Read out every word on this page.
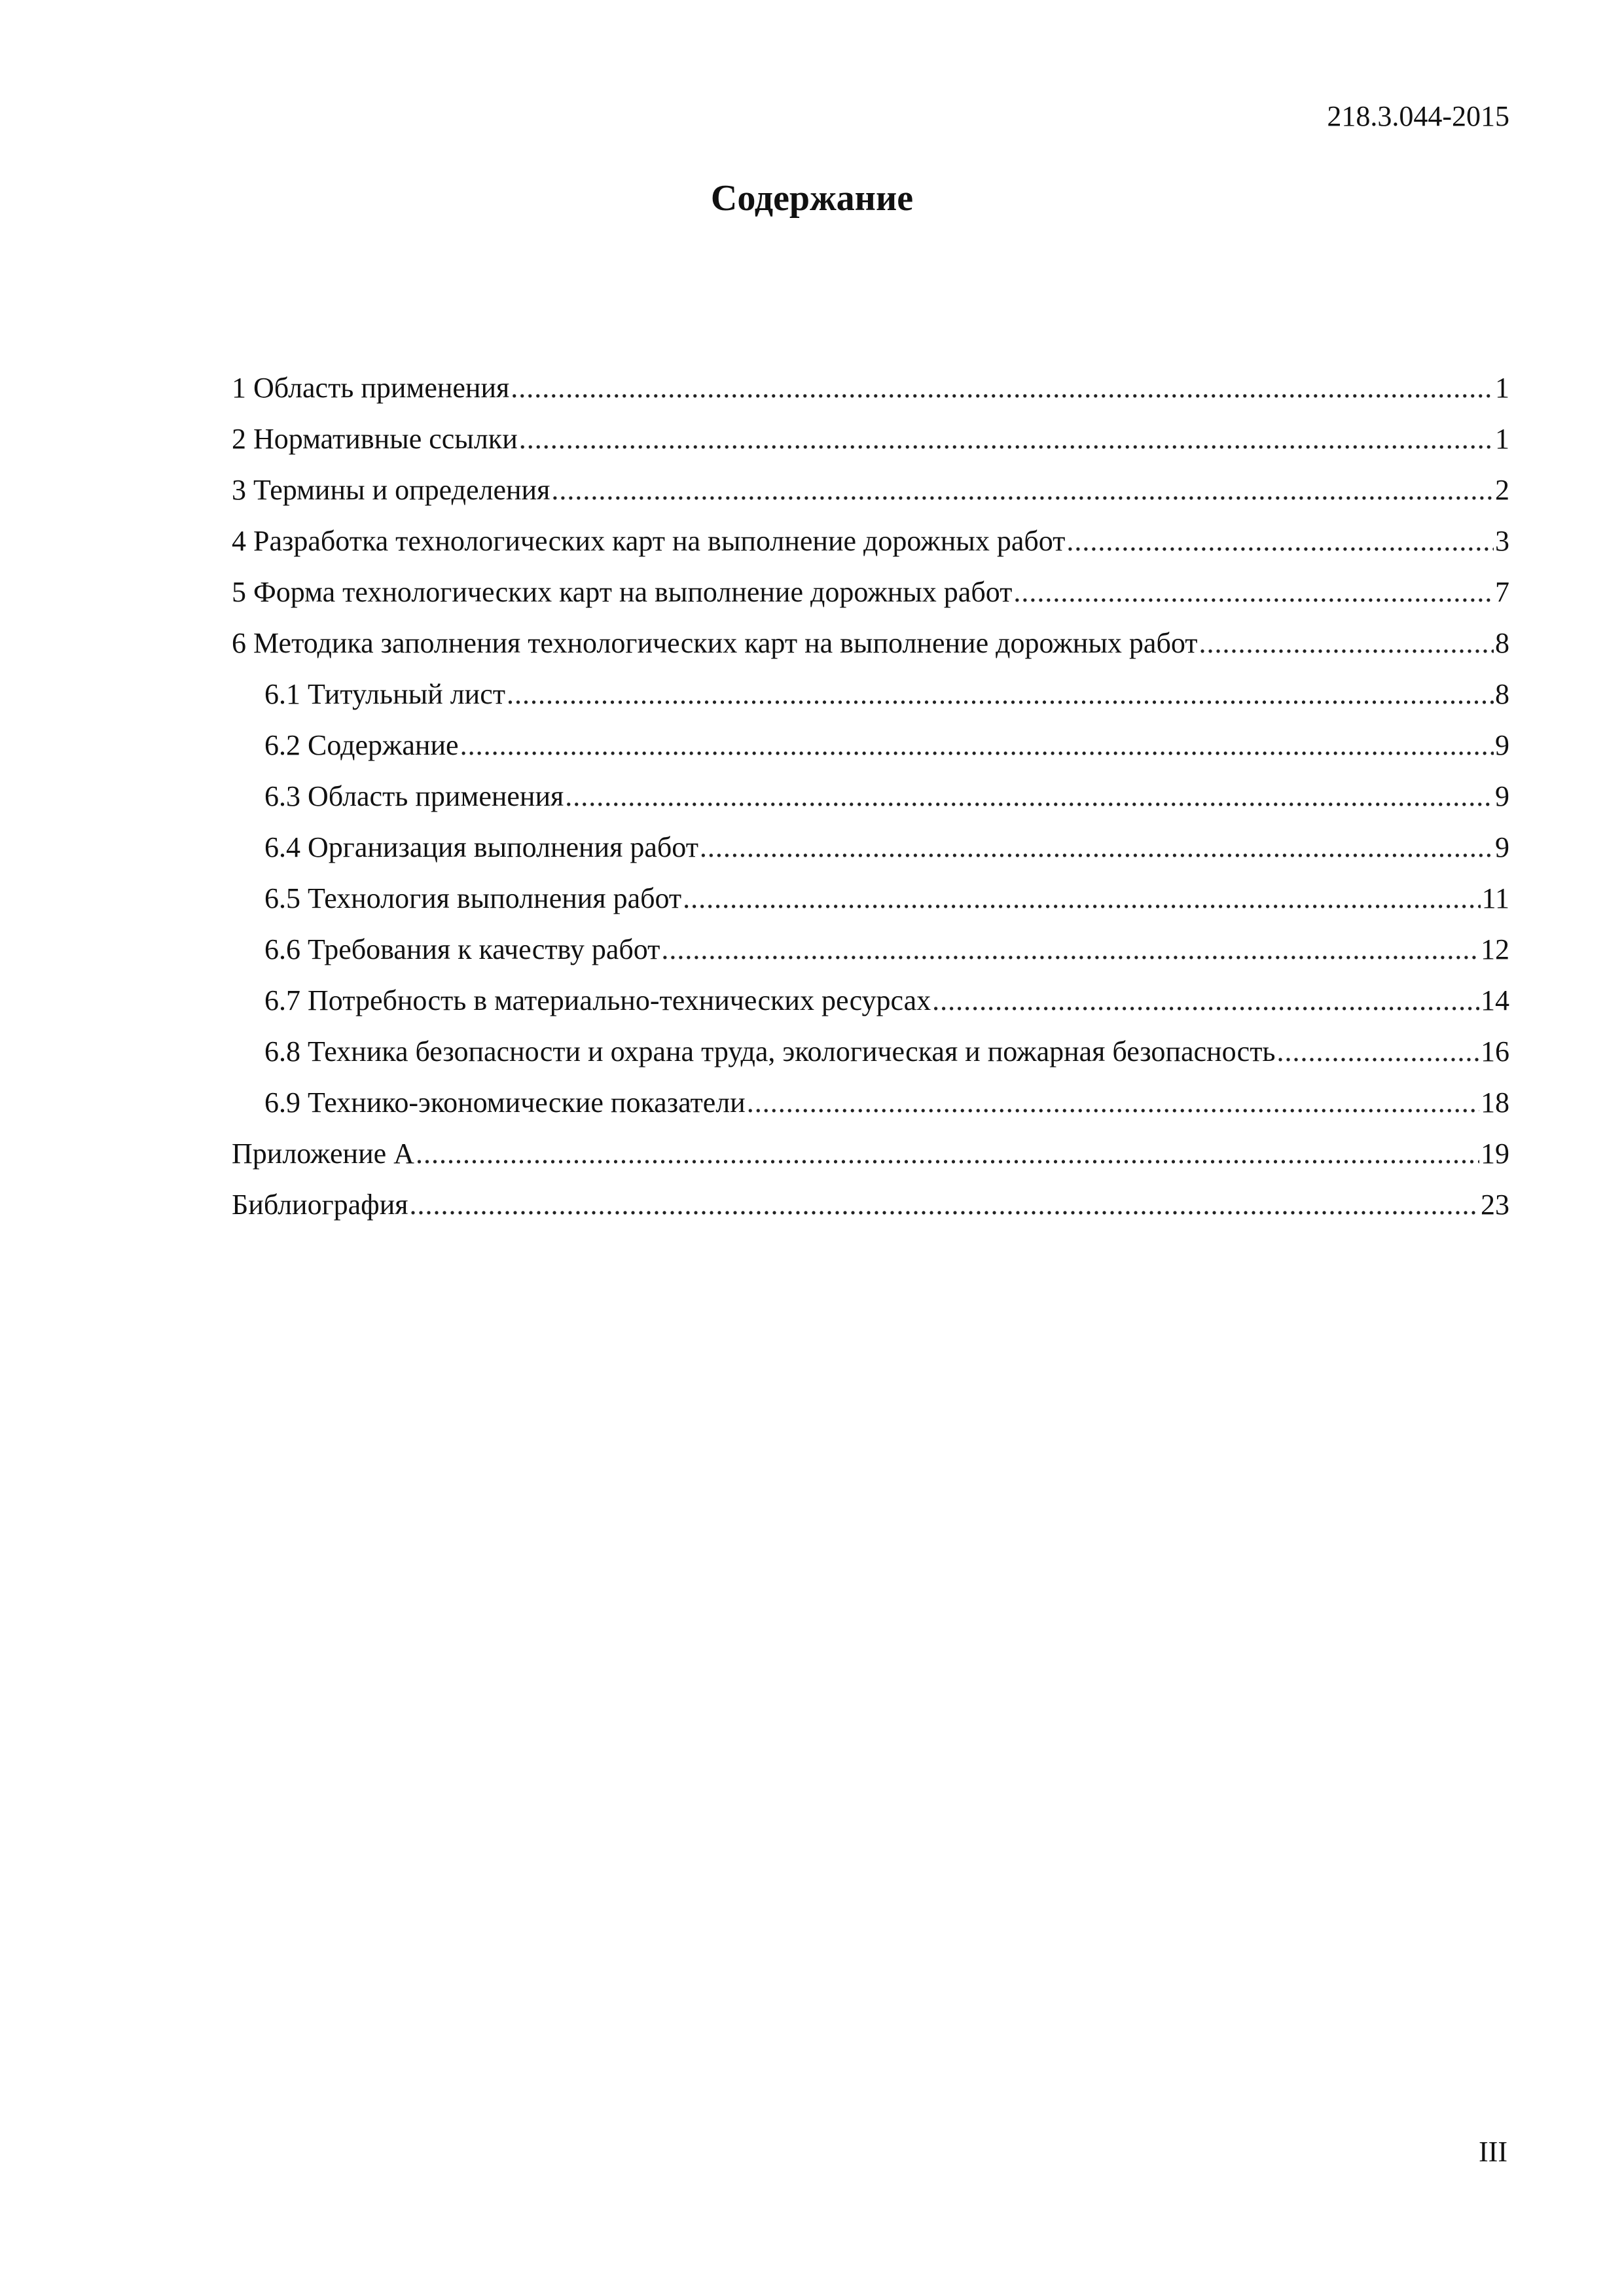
218.3.044-2015
Содержание
1 Область применения .....	1
2 Нормативные ссылки .....	1
3 Термины и определения .....	2
4 Разработка технологических карт на выполнение дорожных работ .....	3
5 Форма технологических карт на выполнение дорожных работ .....	7
6 Методика заполнения технологических карт на выполнение дорожных работ .....	8
6.1 Титульный лист .....	8
6.2 Содержание .....	9
6.3 Область применения .....	9
6.4 Организация выполнения работ .....	9
6.5 Технология выполнения работ .....	11
6.6 Требования к качеству работ .....	12
6.7 Потребность в материально-технических ресурсах .....	14
6.8 Техника безопасности и охрана труда, экологическая и пожарная безопасность .....	16
6.9 Технико-экономические показатели .....	18
Приложение А .....	19
Библиография .....	23
III
